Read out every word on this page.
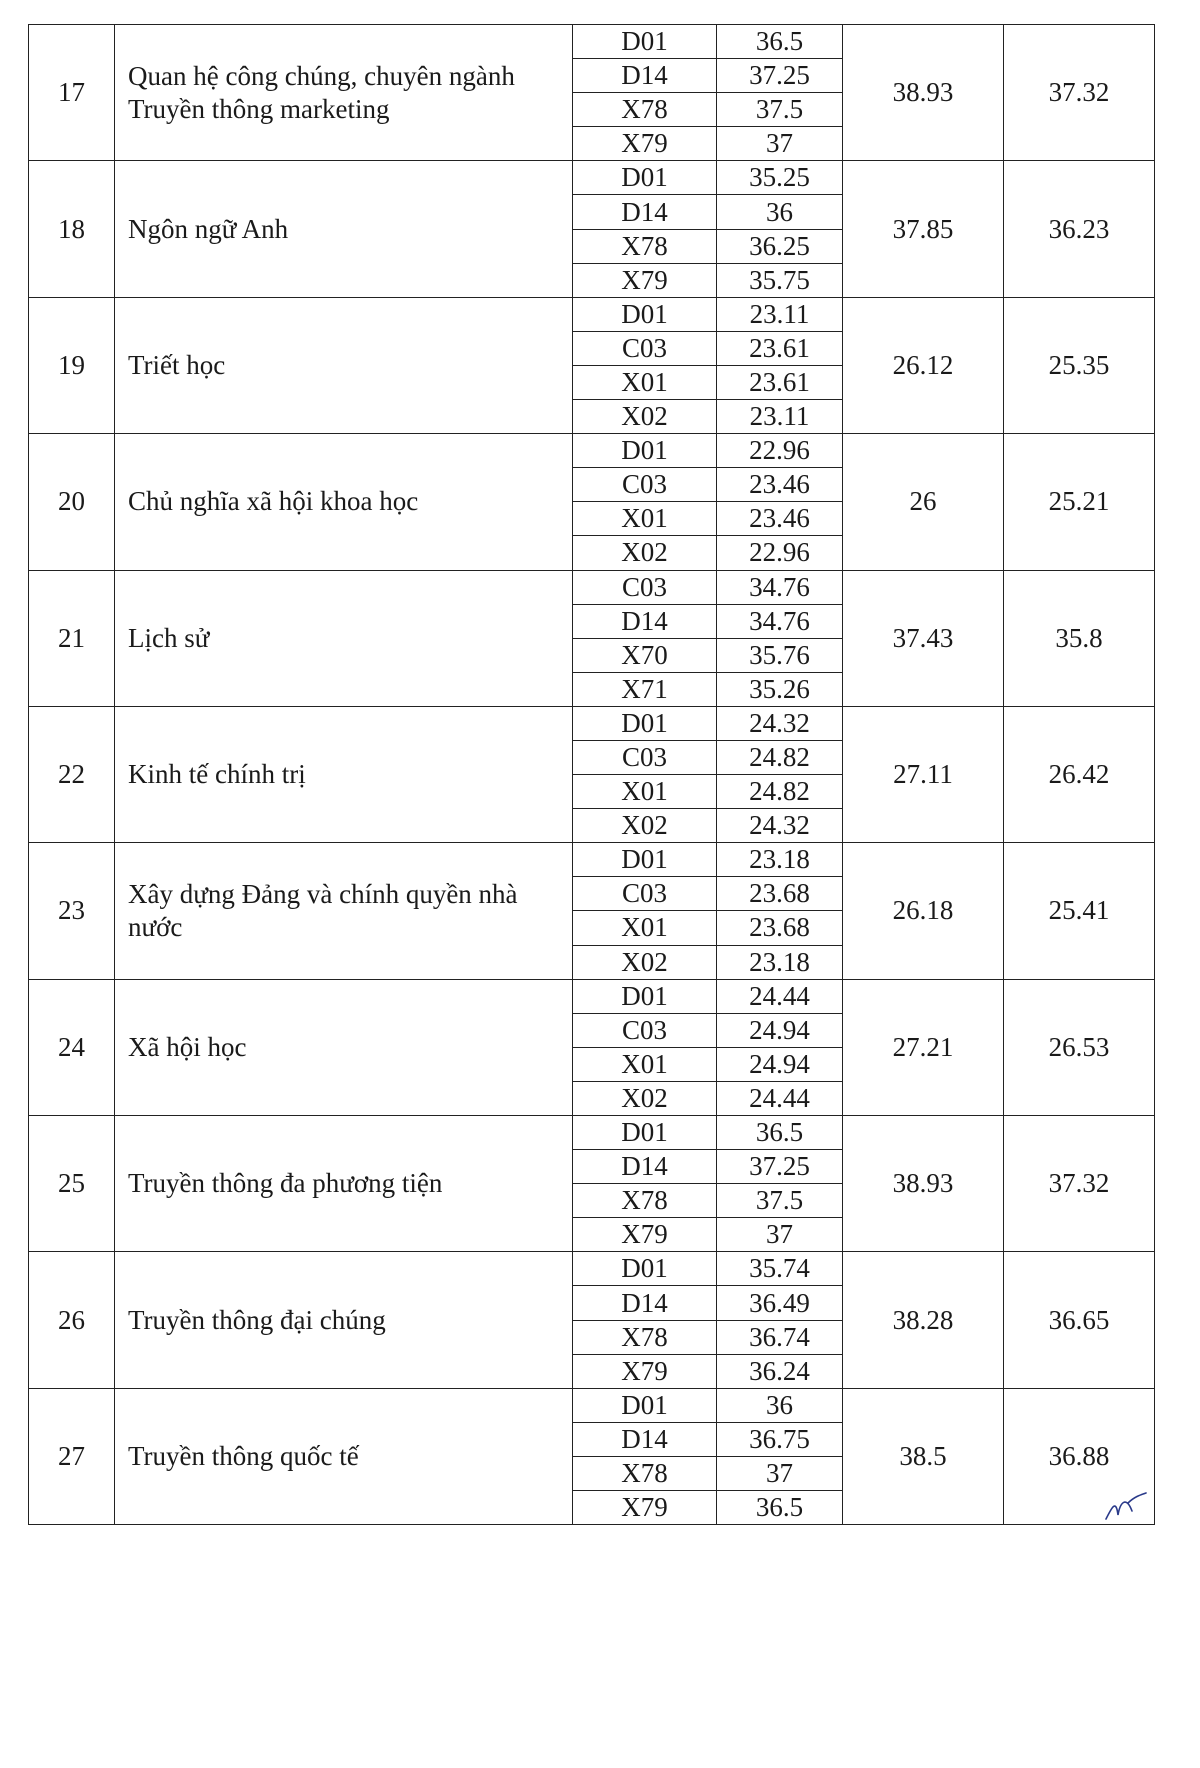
17	Quan hệ công chúng, chuyên ngành Truyền thông marketing	D01	36.5	38.93	37.32
		D14	37.25		
		X78	37.5		
		X79	37		
18	Ngôn ngữ Anh	D01	35.25	37.85	36.23
		D14	36		
		X78	36.25		
		X79	35.75		
19	Triết học	D01	23.11	26.12	25.35
		C03	23.61		
		X01	23.61		
		X02	23.11		
20	Chủ nghĩa xã hội khoa học	D01	22.96	26	25.21
		C03	23.46		
		X01	23.46		
		X02	22.96		
21	Lịch sử	C03	34.76	37.43	35.8
		D14	34.76		
		X70	35.76		
		X71	35.26		
22	Kinh tế chính trị	D01	24.32	27.11	26.42
		C03	24.82		
		X01	24.82		
		X02	24.32		
23	Xây dựng Đảng và chính quyền nhà nước	D01	23.18	26.18	25.41
		C03	23.68		
		X01	23.68		
		X02	23.18		
24	Xã hội học	D01	24.44	27.21	26.53
		C03	24.94		
		X01	24.94		
		X02	24.44		
25	Truyền thông đa phương tiện	D01	36.5	38.93	37.32
		D14	37.25		
		X78	37.5		
		X79	37		
26	Truyền thông đại chúng	D01	35.74	38.28	36.65
		D14	36.49		
		X78	36.74		
		X79	36.24		
27	Truyền thông quốc tế	D01	36	38.5	36.88
		D14	36.75		
		X78	37		
		X79	36.5		
